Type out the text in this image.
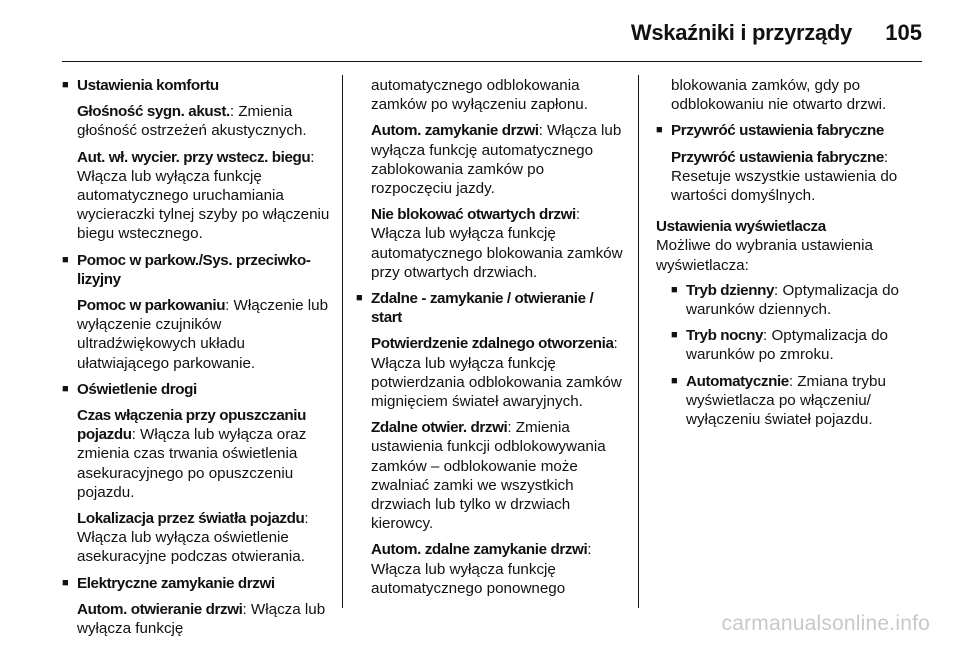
Wskaźniki i przyrządy 105
■ Ustawienia komfortu
Głośność sygn. akust.: Zmienia głośność ostrzeżeń akustycznych.
Aut. wł. wycier. przy wstecz. biegu: Włącza lub wyłącza funkcję automatycznego uruchamiania wycieraczki tylnej szyby po włączeniu biegu wstecznego.
■ Pomoc w parkow./Sys. przeciwko-lizyjny
Pomoc w parkowaniu: Włączenie lub wyłączenie czujników ultradźwiękowych układu ułatwiającego parkowanie.
■ Oświetlenie drogi
Czas włączenia przy opuszczaniu pojazdu: Włącza lub wyłącza oraz zmienia czas trwania oświetlenia asekuracyjnego po opuszczeniu pojazdu.
Lokalizacja przez światła pojazdu: Włącza lub wyłącza oświetlenie asekuracyjne podczas otwierania.
■ Elektryczne zamykanie drzwi
Autom. otwieranie drzwi: Włącza lub wyłącza funkcję
automatycznego odblokowania zamków po wyłączeniu zapłonu.
Autom. zamykanie drzwi: Włącza lub wyłącza funkcję automatycznego zablokowania zamków po rozpoczęciu jazdy.
Nie blokować otwartych drzwi: Włącza lub wyłącza funkcję automatycznego blokowania zamków przy otwartych drzwiach.
■ Zdalne - zamykanie / otwieranie / start
Potwierdzenie zdalnego otworzenia: Włącza lub wyłącza funkcję potwierdzania odblokowania zamków mignięciem świateł awaryjnych.
Zdalne otwier. drzwi: Zmienia ustawienia funkcji odblokowywania zamków – odblokowanie może zwalniać zamki we wszystkich drzwiach lub tylko w drzwiach kierowcy.
Autom. zdalne zamykanie drzwi: Włącza lub wyłącza funkcję automatycznego ponownego
blokowania zamków, gdy po odblokowaniu nie otwarto drzwi.
■ Przywróć ustawienia fabryczne
Przywróć ustawienia fabryczne: Resetuje wszystkie ustawienia do wartości domyślnych.
Ustawienia wyświetlacza
Możliwe do wybrania ustawienia wyświetlacza:
■ Tryb dzienny: Optymalizacja do warunków dziennych.
■ Tryb nocny: Optymalizacja do warunków po zmroku.
■ Automatycznie: Zmiana trybu wyświetlacza po włączeniu/ wyłączeniu świateł pojazdu.
carmanualsonline.info
